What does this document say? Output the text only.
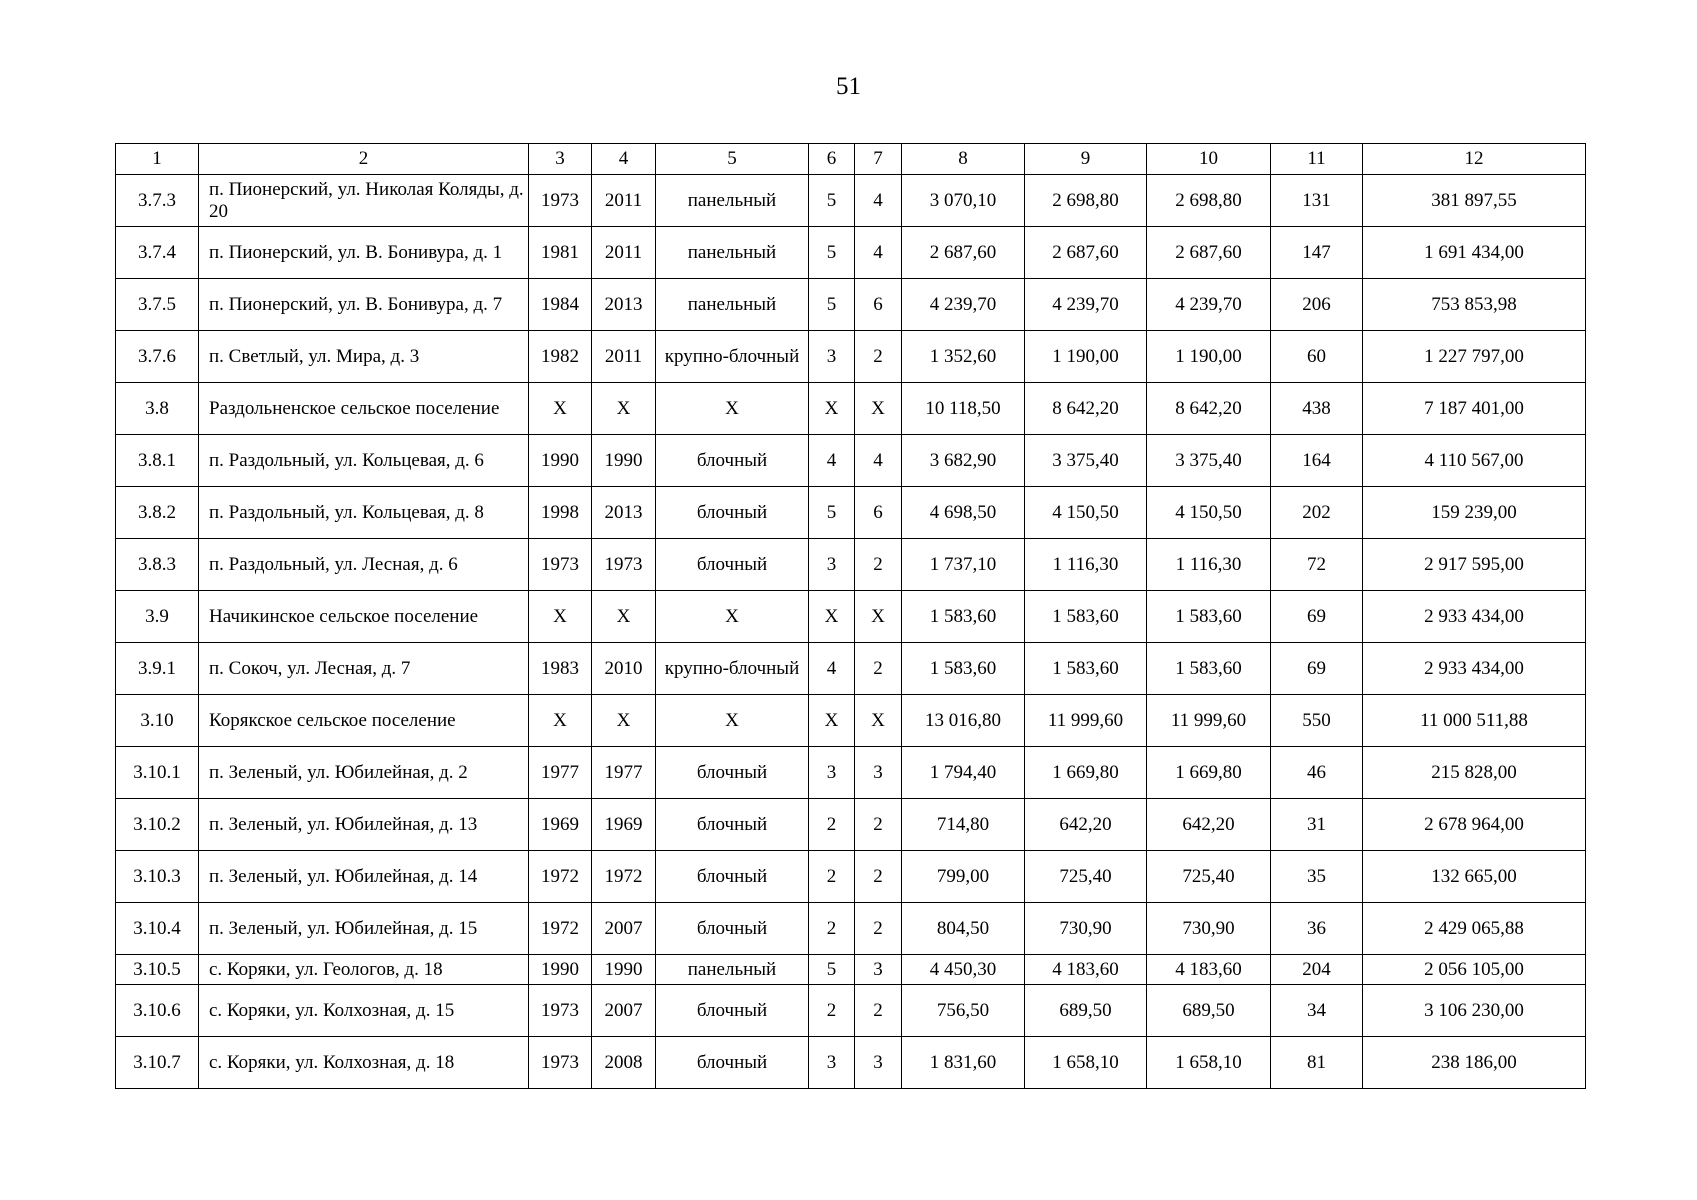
51
1	2	3	4	5	6	7	8	9	10	11	12
3.7.3	п. Пионерский, ул. Николая Коляды, д. 20	1973	2011	панельный	5	4	3 070,10	2 698,80	2 698,80	131	381 897,55
3.7.4	п. Пионерский, ул. В. Бонивура, д. 1	1981	2011	панельный	5	4	2 687,60	2 687,60	2 687,60	147	1 691 434,00
3.7.5	п. Пионерский, ул. В. Бонивура, д. 7	1984	2013	панельный	5	6	4 239,70	4 239,70	4 239,70	206	753 853,98
3.7.6	п. Светлый, ул. Мира, д. 3	1982	2011	крупно-блочный	3	2	1 352,60	1 190,00	1 190,00	60	1 227 797,00
3.8	Раздольненское сельское поселение	Х	Х	Х	Х	Х	10 118,50	8 642,20	8 642,20	438	7 187 401,00
3.8.1	п. Раздольный, ул. Кольцевая, д. 6	1990	1990	блочный	4	4	3 682,90	3 375,40	3 375,40	164	4 110 567,00
3.8.2	п. Раздольный, ул. Кольцевая, д. 8	1998	2013	блочный	5	6	4 698,50	4 150,50	4 150,50	202	159 239,00
3.8.3	п. Раздольный, ул. Лесная, д. 6	1973	1973	блочный	3	2	1 737,10	1 116,30	1 116,30	72	2 917 595,00
3.9	Начикинское сельское поселение	Х	Х	Х	Х	Х	1 583,60	1 583,60	1 583,60	69	2 933 434,00
3.9.1	п. Сокоч, ул. Лесная, д. 7	1983	2010	крупно-блочный	4	2	1 583,60	1 583,60	1 583,60	69	2 933 434,00
3.10	Корякское сельское поселение	Х	Х	Х	Х	Х	13 016,80	11 999,60	11 999,60	550	11 000 511,88
3.10.1	п. Зеленый, ул. Юбилейная, д. 2	1977	1977	блочный	3	3	1 794,40	1 669,80	1 669,80	46	215 828,00
3.10.2	п. Зеленый, ул. Юбилейная, д. 13	1969	1969	блочный	2	2	714,80	642,20	642,20	31	2 678 964,00
3.10.3	п. Зеленый, ул. Юбилейная, д. 14	1972	1972	блочный	2	2	799,00	725,40	725,40	35	132 665,00
3.10.4	п. Зеленый, ул. Юбилейная, д. 15	1972	2007	блочный	2	2	804,50	730,90	730,90	36	2 429 065,88
3.10.5	с. Коряки, ул. Геологов, д. 18	1990	1990	панельный	5	3	4 450,30	4 183,60	4 183,60	204	2 056 105,00
3.10.6	с. Коряки, ул. Колхозная, д. 15	1973	2007	блочный	2	2	756,50	689,50	689,50	34	3 106 230,00
3.10.7	с. Коряки, ул. Колхозная, д. 18	1973	2008	блочный	3	3	1 831,60	1 658,10	1 658,10	81	238 186,00
